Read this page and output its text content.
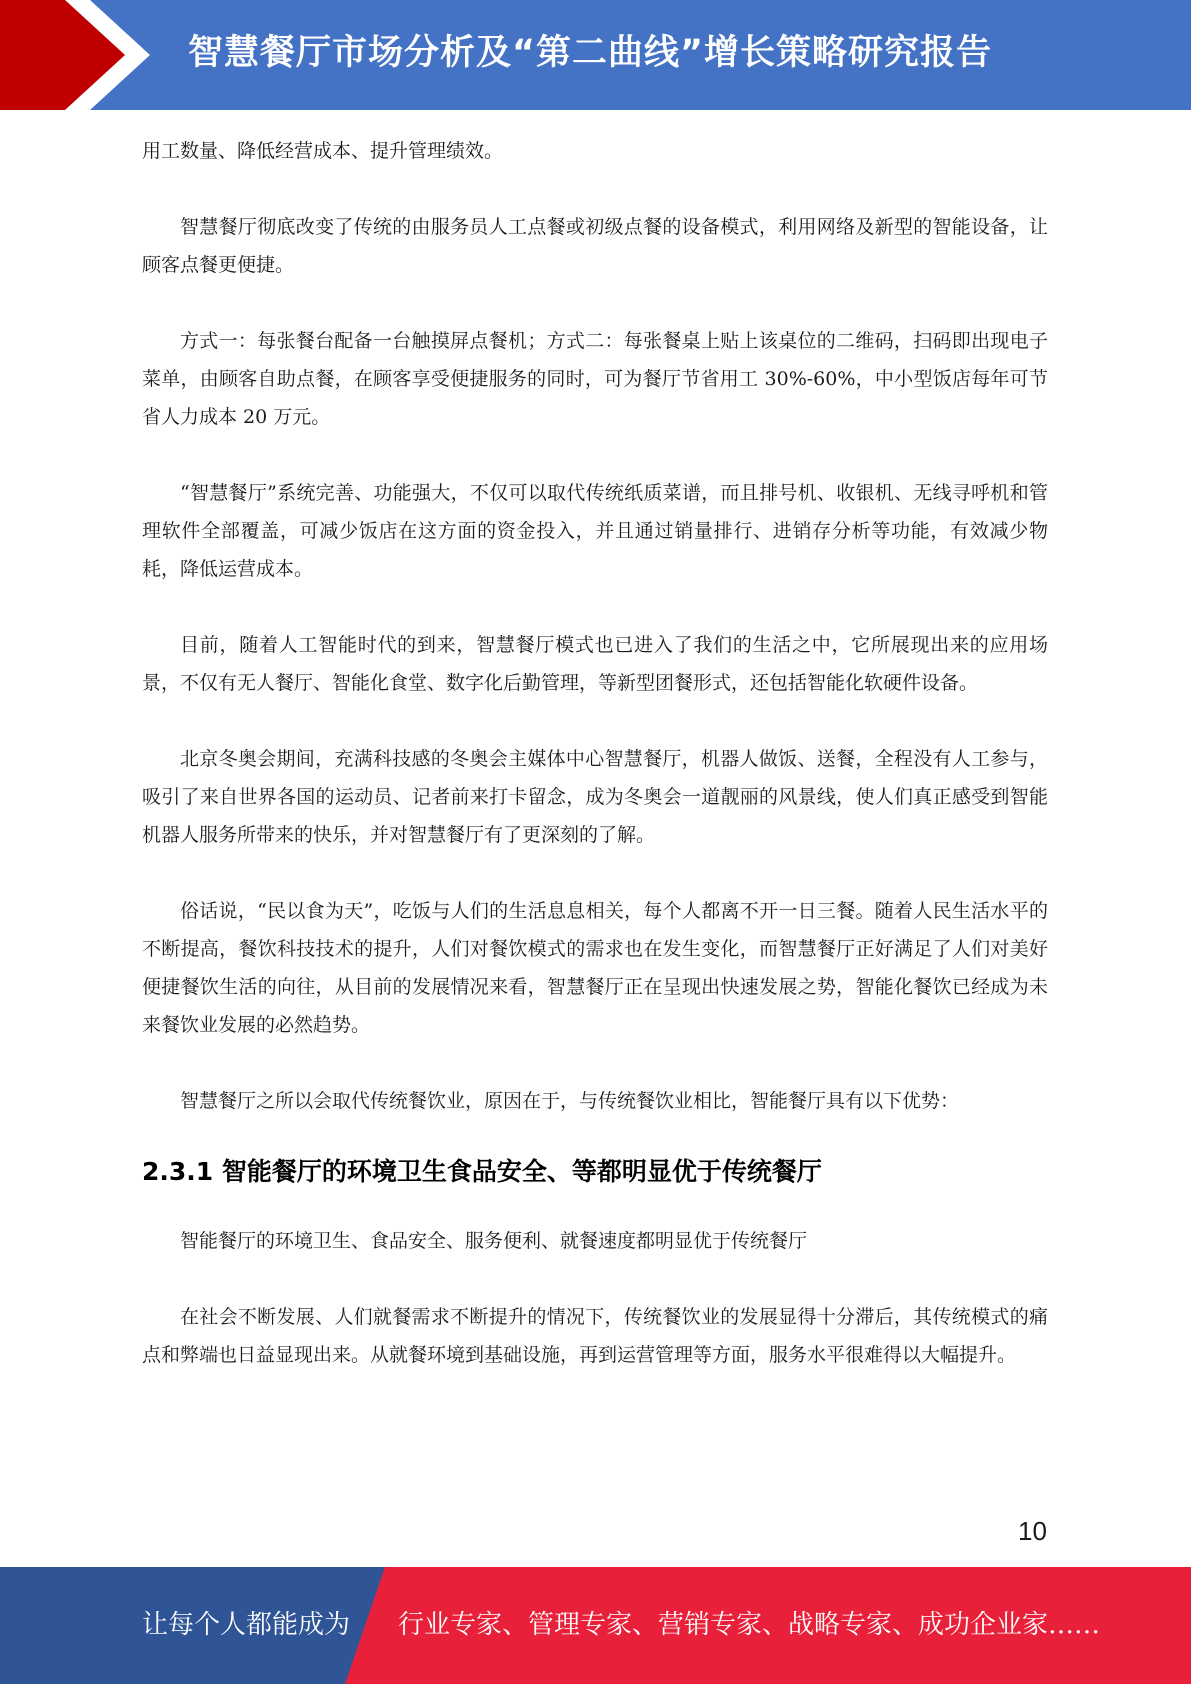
智慧餐厅市场分析及“第二曲线”增长策略研究报告

用工数量、降低经营成本、提升管理绩效。

智慧餐厅彻底改变了传统的由服务员人工点餐或初级点餐的设备模式，利用网络及新型的智能设备，让顾客点餐更便捷。

方式一：每张餐台配备一台触摸屏点餐机；方式二：每张餐桌上贴上该桌位的二维码，扫码即出现电子菜单，由顾客自助点餐，在顾客享受便捷服务的同时，可为餐厅节省用工 30%-60%，中小型饭店每年可节省人力成本 20 万元。

“智慧餐厅”系统完善、功能强大，不仅可以取代传统纸质菜谱，而且排号机、收银机、无线寻呼机和管理软件全部覆盖，可减少饭店在这方面的资金投入，并且通过销量排行、进销存分析等功能，有效减少物耗，降低运营成本。

目前，随着人工智能时代的到来，智慧餐厅模式也已进入了我们的生活之中，它所展现出来的应用场景，不仅有无人餐厅、智能化食堂、数字化后勤管理，等新型团餐形式，还包括智能化软硬件设备。

北京冬奥会期间，充满科技感的冬奥会主媒体中心智慧餐厅，机器人做饭、送餐，全程没有人工参与，吸引了来自世界各国的运动员、记者前来打卡留念，成为冬奥会一道靓丽的风景线，使人们真正感受到智能机器人服务所带来的快乐，并对智慧餐厅有了更深刻的了解。

俗话说，“民以食为天”，吃饭与人们的生活息息相关，每个人都离不开一日三餐。随着人民生活水平的不断提高，餐饮科技技术的提升，人们对餐饮模式的需求也在发生变化，而智慧餐厅正好满足了人们对美好便捷餐饮生活的向往，从目前的发展情况来看，智慧餐厅正在呈现出快速发展之势，智能化餐饮已经成为未来餐饮业发展的必然趋势。

智慧餐厅之所以会取代传统餐饮业，原因在于，与传统餐饮业相比，智能餐厅具有以下优势：

2.3.1 智能餐厅的环境卫生食品安全、等都明显优于传统餐厅

智能餐厅的环境卫生、食品安全、服务便利、就餐速度都明显优于传统餐厅

在社会不断发展、人们就餐需求不断提升的情况下，传统餐饮业的发展显得十分滞后，其传统模式的痛点和弊端也日益显现出来。从就餐环境到基础设施，再到运营管理等方面，服务水平很难得以大幅提升。

10
让每个人都能成为 行业专家、管理专家、营销专家、战略专家、成功企业家……
